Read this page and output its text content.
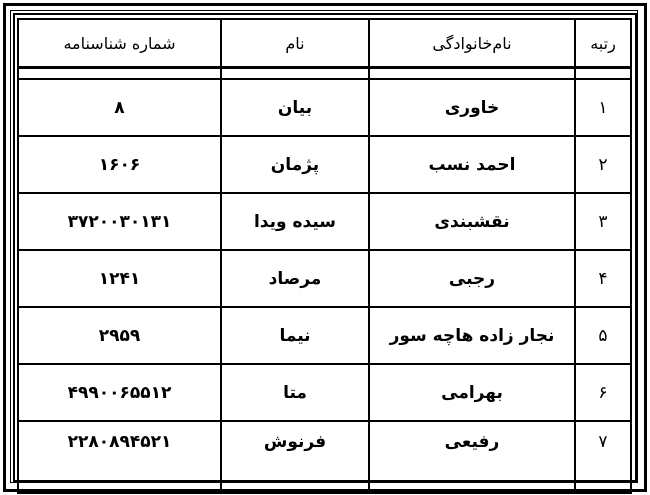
رتبه	نام‌خانوادگی	نام	شماره شناسنامه

۱	خاوری	بیان	۸
۲	احمد نسب	پژمان	۱۶۰۶
۳	نقشبندی	سیده ویدا	۳۷۲۰۰۳۰۱۳۱
۴	رجبی	مرصاد	۱۲۴۱
۵	نجار زاده هاچه سور	نیما	۲۹۵۹
۶	بهرامی	متا	۴۹۹۰۰۶۵۵۱۲
۷	رفیعی	فرنوش	۲۲۸۰۸۹۴۵۲۱
